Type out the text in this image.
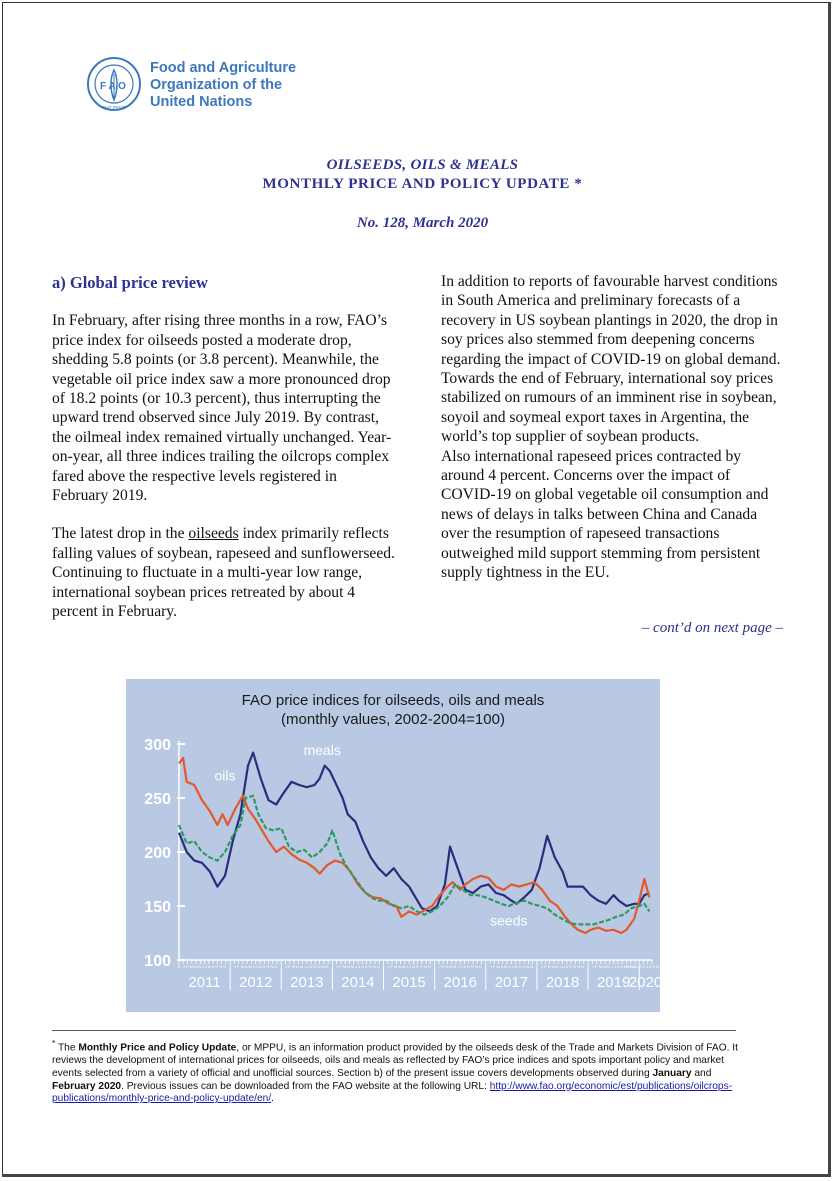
F A O
FIAT PANIS
Food and Agriculture
Organization of the
United Nations
OILSEEDS, OILS & MEALS
MONTHLY PRICE AND POLICY UPDATE *
No. 128, March 2020

a) Global price review

In February, after rising three months in a row, FAO’s price index for oilseeds posted a moderate drop, shedding 5.8 points (or 3.8 percent). Meanwhile, the vegetable oil price index saw a more pronounced drop of 18.2 points (or 10.3 percent), thus interrupting the upward trend observed since July 2019. By contrast, the oilmeal index remained virtually unchanged. Year-on-year, all three indices trailing the oilcrops complex fared above the respective levels registered in February 2019.

The latest drop in the oilseeds index primarily reflects falling values of soybean, rapeseed and sunflowerseed. Continuing to fluctuate in a multi-year low range, international soybean prices retreated by about 4 percent in February.

In addition to reports of favourable harvest conditions in South America and preliminary forecasts of a recovery in US soybean plantings in 2020, the drop in soy prices also stemmed from deepening concerns regarding the impact of COVID-19 on global demand. Towards the end of February, international soy prices stabilized on rumours of an imminent rise in soybean, soyoil and soymeal export taxes in Argentina, the world’s top supplier of soybean products.

Also international rapeseed prices contracted by around 4 percent. Concerns over the impact of COVID-19 on global vegetable oil consumption and news of delays in talks between China and Canada over the resumption of rapeseed transactions outweighed mild support stemming from persistent supply tightness in the EU.

– cont’d on next page –
FAO price indices for oilseeds, oils and meals
(monthly values, 2002-2004=100)
100
150
200
250
300
J F M A M J J A S O N D
2011
J F M A M J J A S O N D
2012
J F M A M J J A S O N D
2013
J F M A M J J A S O N D
2014
J F M A M J J A S O N D
2015
J F M A M J J A S O N D
2016
J F M A M J J A S O N D
2017
J F M A M J J A S O N D
2018
J F M A M J J A S O N D
2019
J F M A M J J A S O N D
2020
meals
oils
seeds
* The Monthly Price and Policy Update, or MPPU, is an information product provided by the oilseeds desk of the Trade and Markets Division of FAO. It reviews the development of international prices for oilseeds, oils and meals as reflected by FAO’s price indices and spots important policy and market events selected from a variety of official and unofficial sources. Section b) of the present issue covers developments observed during January and February 2020. Previous issues can be downloaded from the FAO website at the following URL: http://www.fao.org/economic/est/publications/oilcrops-publications/monthly-price-and-policy-update/en/.
